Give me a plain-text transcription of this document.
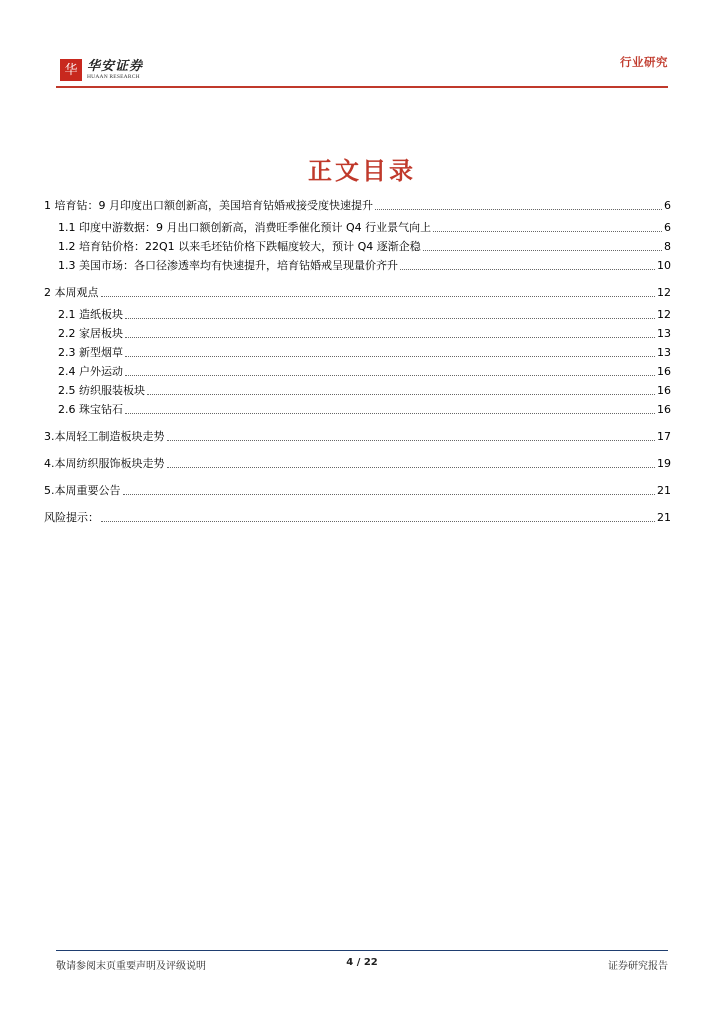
华 华安证券
HUAAN RESEARCH
行业研究
正文目录
1 培育钻：9 月印度出口额创新高，美国培育钻婚戒接受度快速提升	6
1.1 印度中游数据：9 月出口额创新高，消费旺季催化预计 Q4 行业景气向上	6
1.2 培育钻价格：22Q1 以来毛坯钻价格下跌幅度较大，预计 Q4 逐渐企稳	8
1.3 美国市场：各口径渗透率均有快速提升，培育钻婚戒呈现量价齐升	10
2 本周观点	12
2.1 造纸板块	12
2.2 家居板块	13
2.3 新型烟草	13
2.4 户外运动	16
2.5 纺织服装板块	16
2.6 珠宝钻石	16
3.本周轻工制造板块走势	17
4.本周纺织服饰板块走势	19
5.本周重要公告	21
风险提示：	21
敬请参阅末页重要声明及评级说明	4 / 22	证券研究报告
